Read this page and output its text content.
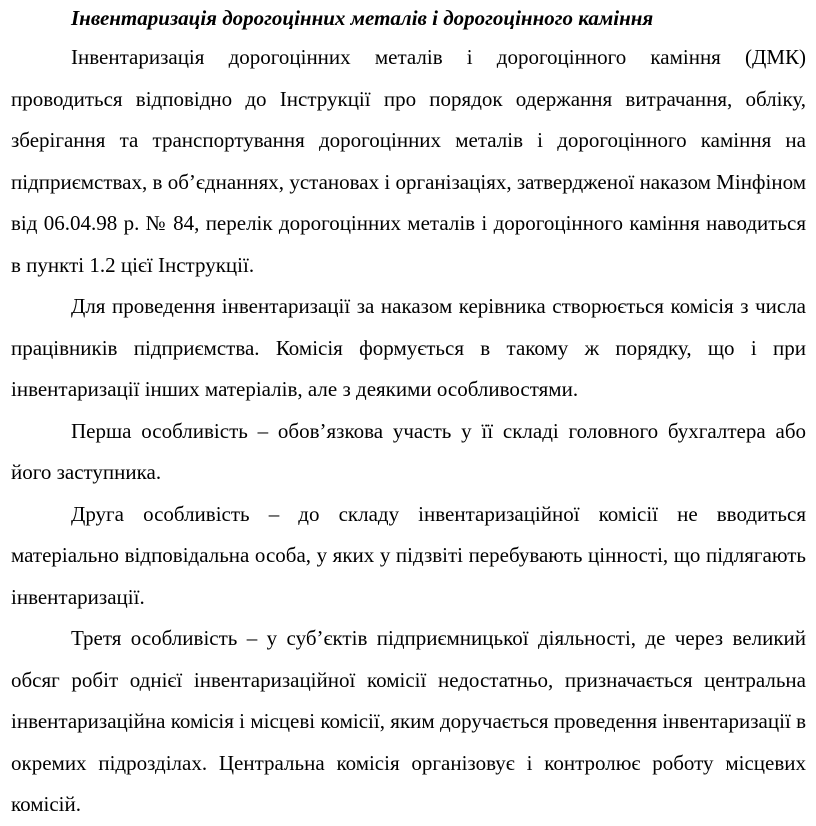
Інвентаризація дорогоцінних металів і дорогоцінного каміння

Інвентаризація дорогоцінних металів і дорогоцінного каміння (ДМК) проводиться відповідно до Інструкції про порядок одержання витрачання, обліку, зберігання та транспортування дорогоцінних металів і дорогоцінного каміння на підприємствах, в об’єднаннях, установах і організаціях, затвердженої наказом Мінфіном від 06.04.98 р. № 84, перелік дорогоцінних металів і дорогоцінного каміння наводиться в пункті 1.2 цієї Інструкції.

Для проведення інвентаризації за наказом керівника створюється комісія з числа працівників підприємства. Комісія формується в такому ж порядку, що і при інвентаризації інших матеріалів, але з деякими особливостями.

Перша особливість – обов’язкова участь у її складі головного бухгалтера або його заступника.

Друга особливість – до складу інвентаризаційної комісії не вводиться матеріально відповідальна особа, у яких у підзвіті перебувають цінності, що підлягають інвентаризації.

Третя особливість – у суб’єктів підприємницької діяльності, де через великий обсяг робіт однієї інвентаризаційної комісії недостатньо, призначається центральна інвентаризаційна комісія і місцеві комісії, яким доручається проведення інвентаризації в окремих підрозділах. Центральна комісія організовує і контролює роботу місцевих комісій.
